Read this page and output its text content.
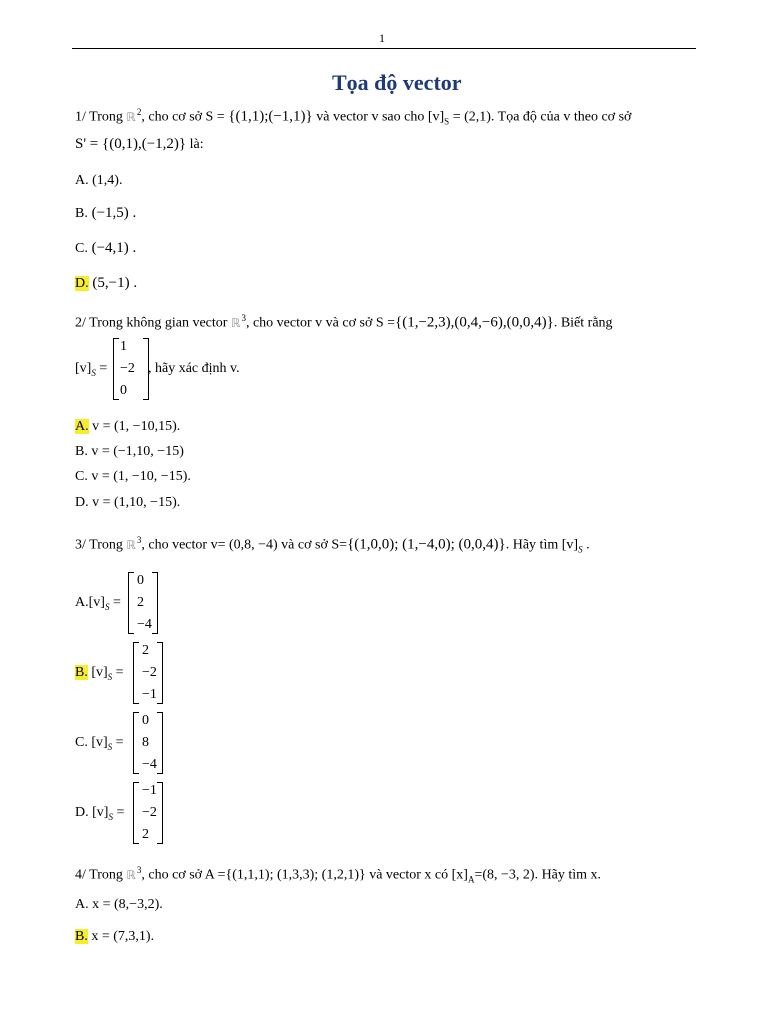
1
Tọa độ vector
1/ Trong ℝ$^2$, cho cơ sở S = {(1,1);(−1,1)} và vector v sao cho $[v]_S = (2,1)$. Tọa độ của v theo cơ sở
S' = {(0,1),(−1,2)} là:
A. (1,4).
B. (−1,5) .
C. (−4,1) .
D. (5,−1) .
2/ Trong không gian vector ℝ$^3$, cho vector v và cơ sở S ={(1,−2,3),(0,4,−6),(0,0,4)}. Biết rằng
$[v]_S$ =
1
−2
0
, hãy xác định v.
A. v = (1, −10,15).
B. v = (−1,10, −15)
C. v = (1, −10, −15).
D. v = (1,10, −15).
3/ Trong ℝ$^3$, cho vector v= (0,8, −4) và cơ sở S={(1,0,0); (1,−4,0); (0,0,4)}. Hãy tìm $[v]_S$ .
$A.[v]_S$ =
0
2
−4
B. $[v]_S$ =
2
−2
−1
C. $[v]_S$ =
0
8
−4
D. $[v]_S$ =
−1
−2
2
4/ Trong ℝ$^3$, cho cơ sở A ={(1,1,1); (1,3,3); (1,2,1)} và vector x có $[x]_A=(8$, −3, 2). Hãy tìm x.
A. x = (8,−3,2).
B. x = (7,3,1).
